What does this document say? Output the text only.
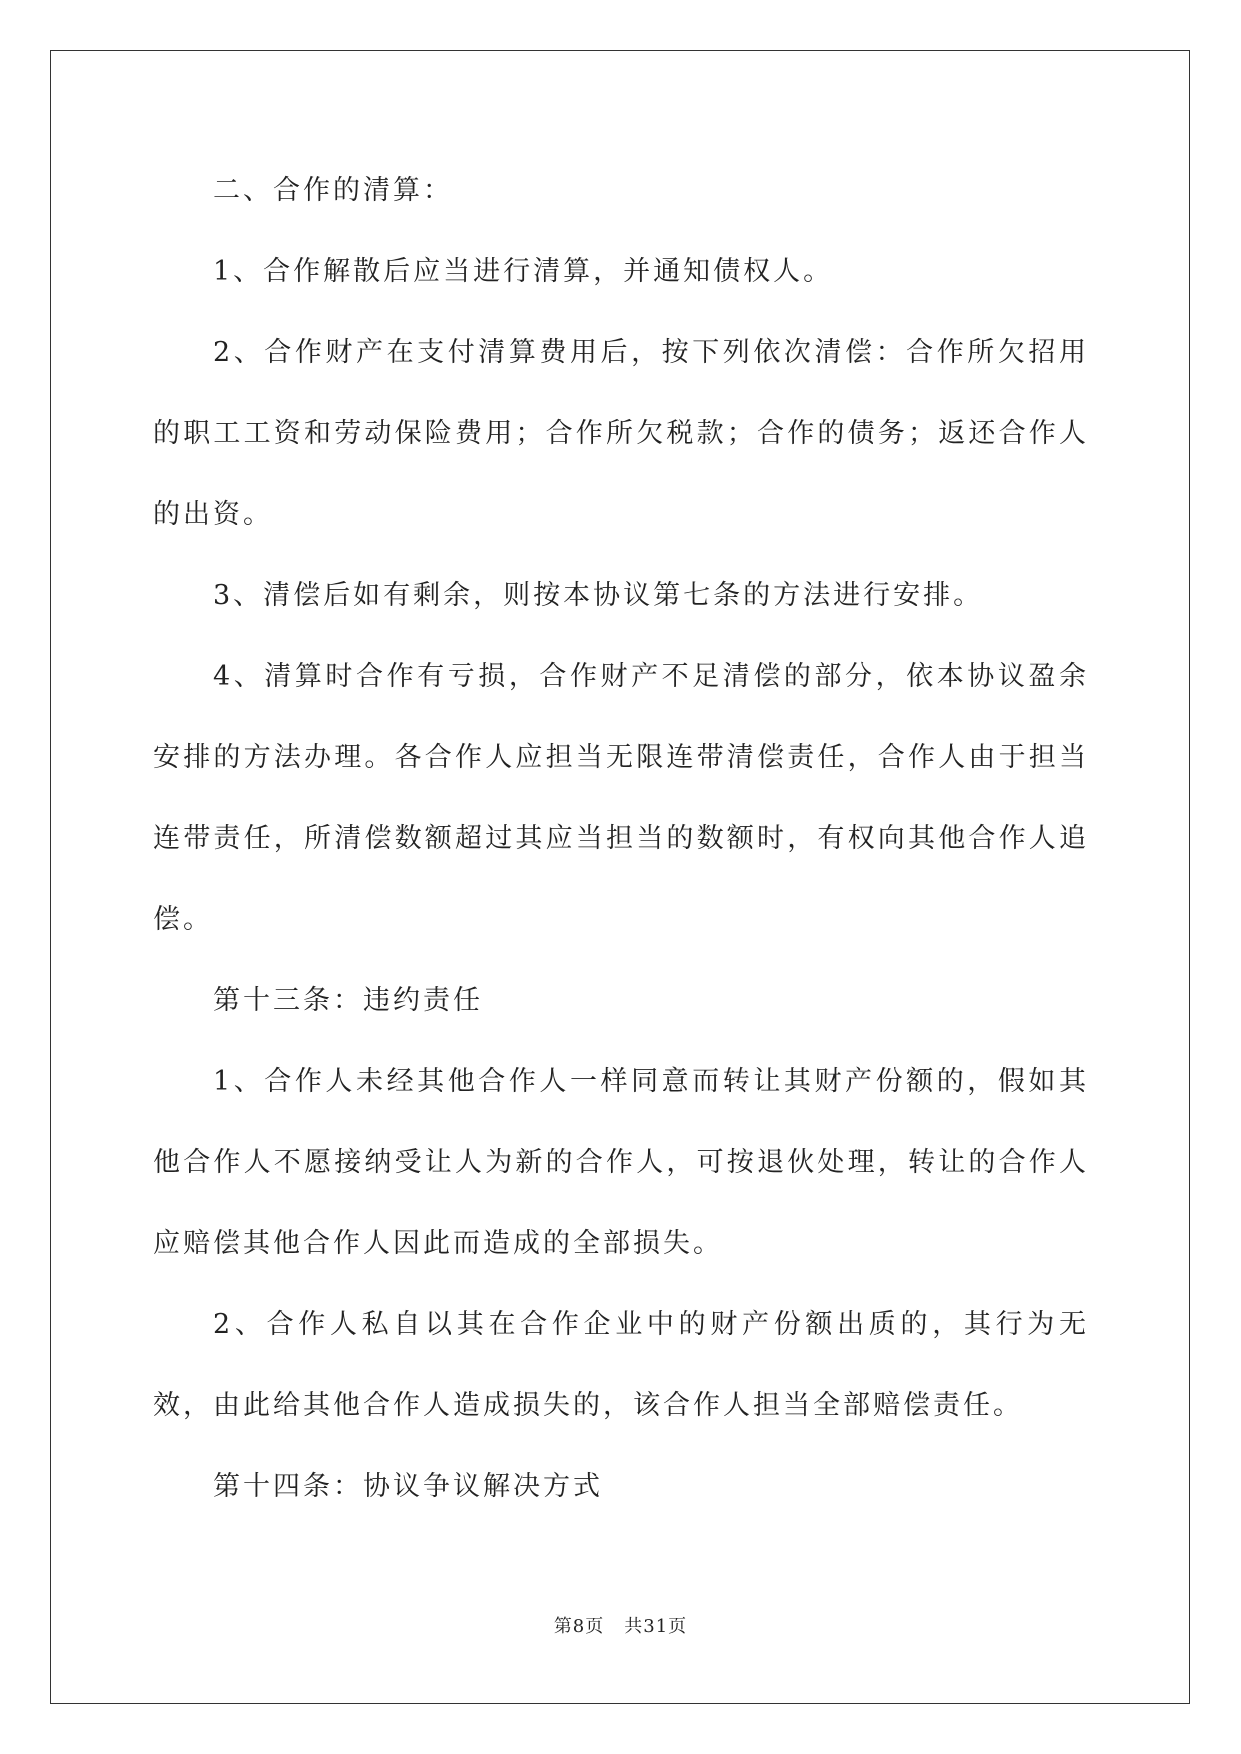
二、合作的清算：

1、合作解散后应当进行清算，并通知债权人。

2、合作财产在支付清算费用后，按下列依次清偿：合作所欠招用的职工工资和劳动保险费用；合作所欠税款；合作的债务；返还合作人的出资。

3、清偿后如有剩余，则按本协议第七条的方法进行安排。

4、清算时合作有亏损，合作财产不足清偿的部分，依本协议盈余安排的方法办理。各合作人应担当无限连带清偿责任，合作人由于担当连带责任，所清偿数额超过其应当担当的数额时，有权向其他合作人追偿。

第十三条：违约责任

1、合作人未经其他合作人一样同意而转让其财产份额的，假如其他合作人不愿接纳受让人为新的合作人，可按退伙处理，转让的合作人应赔偿其他合作人因此而造成的全部损失。

2、合作人私自以其在合作企业中的财产份额出质的，其行为无效，由此给其他合作人造成损失的，该合作人担当全部赔偿责任。

第十四条：协议争议解决方式

第8页 共31页
